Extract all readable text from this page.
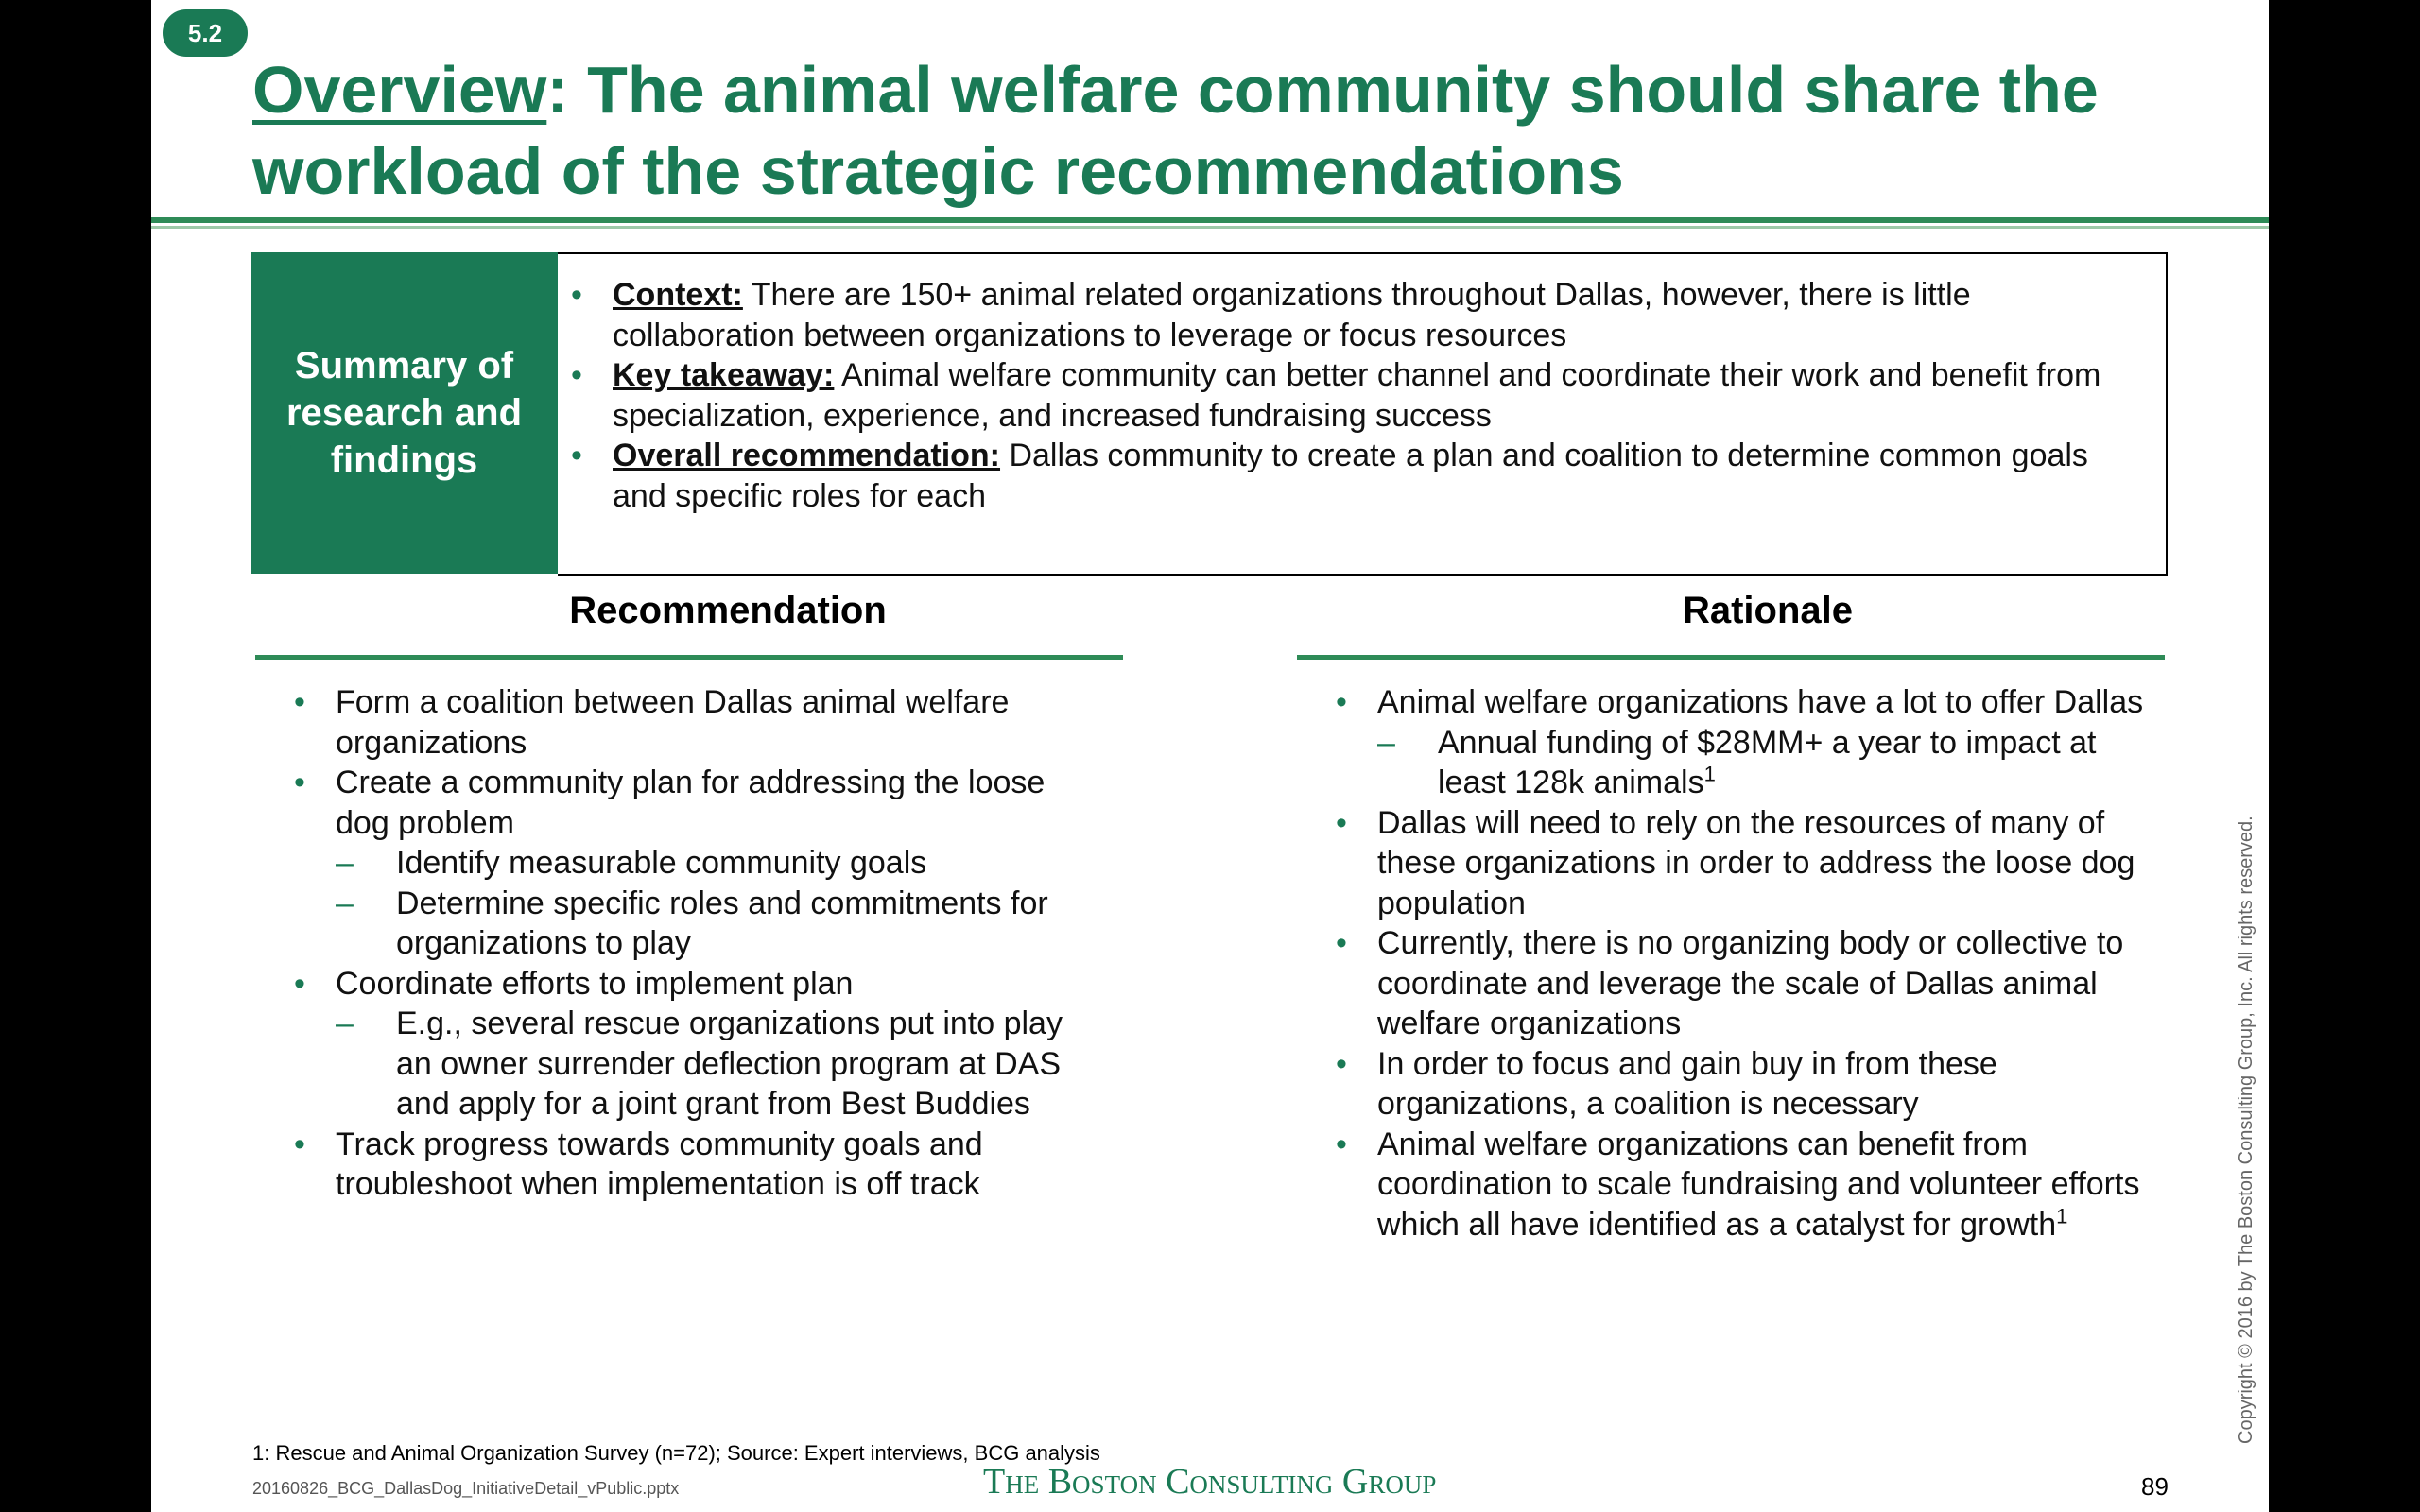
5.2
Overview: The animal welfare community should share the workload of the strategic recommendations
Summary of research and findings
• Context: There are 150+ animal related organizations throughout Dallas, however, there is little collaboration between organizations to leverage or focus resources
• Key takeaway: Animal welfare community can better channel and coordinate their work and benefit from specialization, experience, and increased fundraising success
• Overall recommendation: Dallas community to create a plan and coalition to determine common goals and specific roles for each
Recommendation
• Form a coalition between Dallas animal welfare organizations
• Create a community plan for addressing the loose dog problem
– Identify measurable community goals
– Determine specific roles and commitments for organizations to play
• Coordinate efforts to implement plan
– E.g., several rescue organizations put into play an owner surrender deflection program at DAS and apply for a joint grant from Best Buddies
• Track progress towards community goals and troubleshoot when implementation is off track
Rationale
• Animal welfare organizations have a lot to offer Dallas
– Annual funding of $28MM+ a year to impact at least 128k animals$^1$
• Dallas will need to rely on the resources of many of these organizations in order to address the loose dog population
• Currently, there is no organizing body or collective to coordinate and leverage the scale of Dallas animal welfare organizations
• In order to focus and gain buy in from these organizations, a coalition is necessary
• Animal welfare organizations can benefit from coordination to scale fundraising and volunteer efforts which all have identified as a catalyst for growth$^1$
1: Rescue and Animal Organization Survey (n=72); Source: Expert interviews, BCG analysis
20160826_BCG_DallasDog_InitiativeDetail_vPublic.pptx	The Boston Consulting Group	89
Copyright © 2016 by The Boston Consulting Group, Inc. All rights reserved.
